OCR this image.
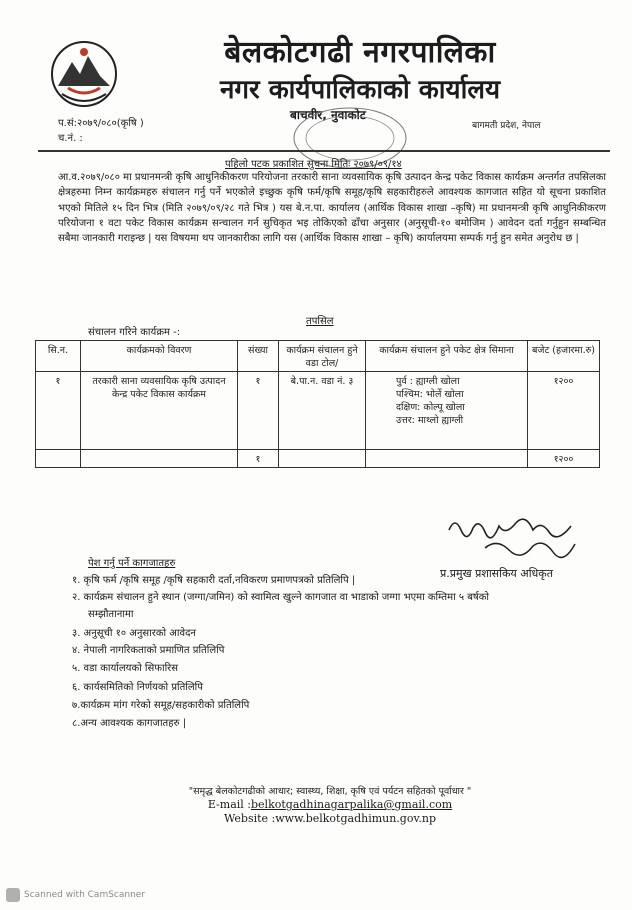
बेलकोटगढी नगरपालिका
नगर कार्यपालिकाको कार्यालय
बाचवीर, नुवाकोट
प.सं:२०७९/०८०(कृषि )
च.नं. :
बागमती प्रदेश, नेपाल
पहिलो पटक प्रकाशित सुचना मितिः २०७९/०९/१४
आ.व.२०७९/०८० मा प्रधानमन्त्री कृषि आधुनिकीकरण परियोजना तरकारी साना व्यवसायिक कृषि उत्पादन केन्द्र पकेट विकास कार्यक्रम अन्तर्गत तपसिलका क्षेत्रहरुमा निम्न कार्यक्रमहरु संचालन गर्नु पर्ने भएकोले इच्छुक कृषि फर्म/कृषि समूह/कृषि सहकारीहरुले आवश्यक कागजात सहित यो सूचना प्रकाशित भएको मितिले १५ दिन भित्र (मिति २०७९/०९/२८ गते भित्र ) यस बे.न.पा. कार्यालय (आर्थिक विकास शाखा –कृषि) मा प्रधानमन्त्री कृषि आधुनिकीकरण परियोजना १ वटा पकेट विकास कार्यक्रम सन्चालन गर्न सुचिकृत भइ तोकिएको ढाँचा अनुसार (अनुसूची-१० बमोजिम ) आवेदन दर्ता गर्नुहुन सम्बन्धित सबैमा जानकारी गराइन्छ | यस विषयमा थप जानकारीका लागि यस (आर्थिक विकास शाखा – कृषि) कार्यालयमा सम्पर्क गर्नु हुन समेत अनुरोध छ |
तपसिल
संचालन गरिने कार्यक्रम -:
सि.न.	कार्यक्रमको विवरण	संख्या	कार्यक्रम संचालन हुने वडा टोल/	कार्यक्रम संचालन हुने पकेट क्षेत्र सिमाना	बजेट (हजारमा.रु)
१	तरकारी साना व्यवसायिक कृषि उत्पादन केन्द्र पकेट विकास कार्यक्रम	१	बे.पा.न. वडा नं. ३	पुर्व : ह्याग्ली खोला
पश्चिम: भोर्ले खोला
दक्षिण: कोल्पू खोला
उत्तर: माथ्लो ह्याग्ली	१२००
		१			१२००
प्र.प्रमुख प्रशासकिय अधिकृत
पेश गर्नु पर्ने कागजातहरु
१. कृषि फर्म /कृषि समूह /कृषि सहकारी दर्ता,नविकरण प्रमाणपत्रको प्रतिलिपि |
२. कार्यक्रम संचालन हुने स्थान (जग्गा/जमिन) को स्वामित्व खुल्ने कागजात वा भाडाको जग्गा भएमा कम्तिमा ५ बर्षको
सम्झौतानामा
३. अनुसूची १० अनुसारको आवेदन
४. नेपाली नागरिकताको प्रमाणित प्रतिलिपि
५. वडा कार्यालयको सिफारिस
६. कार्यसमितिको निर्णयको प्रतिलिपि
७.कार्यक्रम मांग गरेको समूह/सहकारीको प्रतिलिपि
८.अन्य आवश्यक कागजातहरु |
"समृद्ध बेलकोटगढीको आधार; स्वास्थ्य, शिक्षा, कृषि एवं पर्यटन सहितको पूर्वाधार "
E-mail :belkotgadhinagarpalika@gmail.com
Website :www.belkotgadhimun.gov.np
Scanned with CamScanner
